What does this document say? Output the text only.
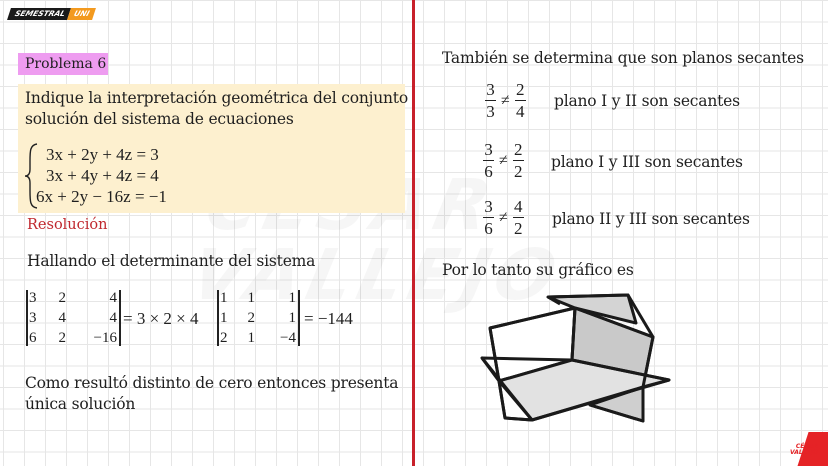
SEMESTRAL UNI
Problema 6
Indique la interpretación geométrica del conjunto
solución del sistema de ecuaciones
3x + 2y + 4z = 3
3x + 4y + 4z = 4
6x + 2y − 16z = −1
Resolución
Hallando el determinante del sistema
3	2	4
3	4	4
6	2	−16
= 3 × 2 × 4
1	1	1
1	2	1
2	1	−4
= −144
Como resultó distinto de cero entonces presenta
única solución
También se determina que son planos secantes
3
3
≠
2
4
plano I y II son secantes
3
6
≠
2
2
plano I y III son secantes
3
6
≠
4
2
plano II y III son secantes
Por lo tanto su gráfico es
CÉSAR
VALLEJO
